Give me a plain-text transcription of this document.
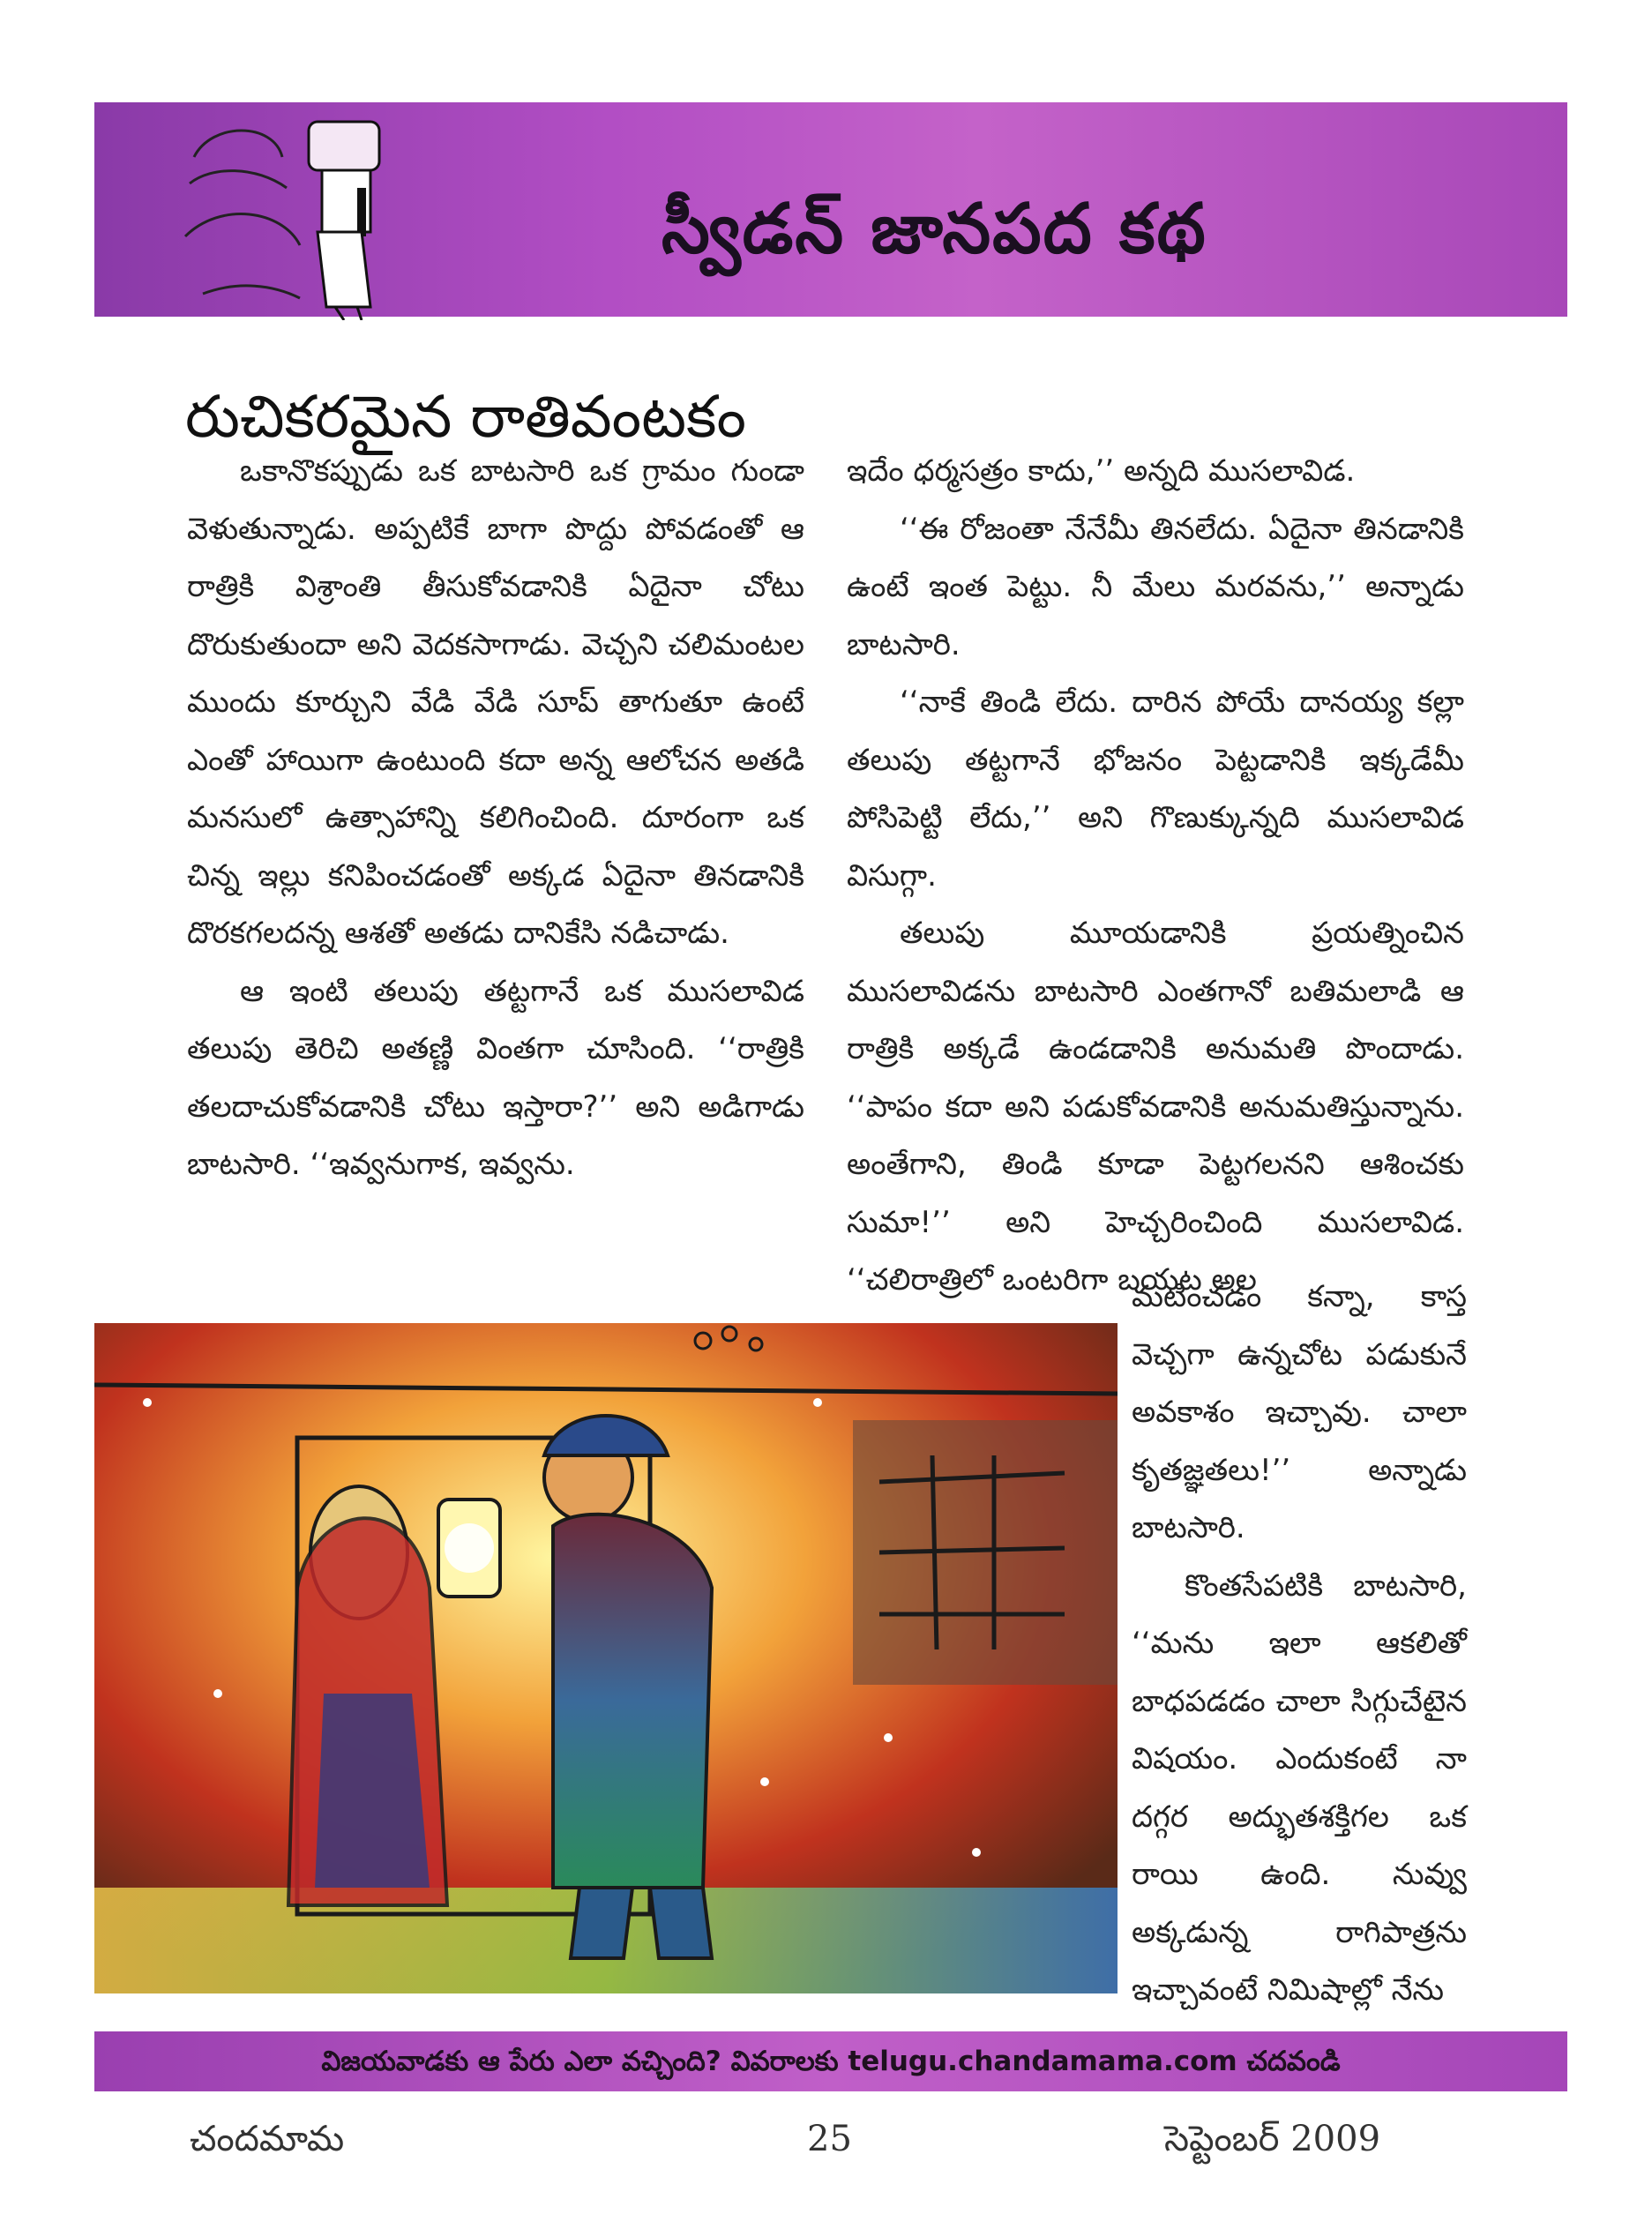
స్వీడన్ జానపద కథ
రుచికరమైన రాతివంటకం

ఒకానొకప్పుడు ఒక బాటసారి ఒక గ్రామం గుండా వెళుతున్నాడు. అప్పటికే బాగా పొద్దు పోవడంతో ఆ రాత్రికి విశ్రాంతి తీసుకోవడానికి ఏదైనా చోటు దొరుకుతుందా అని వెదకసాగాడు. వెచ్చని చలిమంటల ముందు కూర్చుని వేడి వేడి సూప్ తాగుతూ ఉంటే ఎంతో హాయిగా ఉంటుంది కదా అన్న ఆలోచన అతడి మనసులో ఉత్సాహాన్ని కలిగించింది. దూరంగా ఒక చిన్న ఇల్లు కనిపించడంతో అక్కడ ఏదైనా తినడానికి దొరకగలదన్న ఆశతో అతడు దానికేసి నడిచాడు.

ఆ ఇంటి తలుపు తట్టగానే ఒక ముసలావిడ తలుపు తెరిచి అతణ్ణి వింతగా చూసింది. ‘‘రాత్రికి తలదాచుకోవడానికి చోటు ఇస్తారా?’’ అని అడిగాడు బాటసారి. ‘‘ఇవ్వనుగాక, ఇవ్వను.

ఇదేం ధర్మసత్రం కాదు,’’ అన్నది ముసలావిడ.

‘‘ఈ రోజంతా నేనేమీ తినలేదు. ఏదైనా తినడానికి ఉంటే ఇంత పెట్టు. నీ మేలు మరవను,’’ అన్నాడు బాటసారి.

‘‘నాకే తిండి లేదు. దారిన పోయే దానయ్య కల్లా తలుపు తట్టగానే భోజనం పెట్టడానికి ఇక్కడేమీ పోసిపెట్టి లేదు,’’ అని గొణుక్కున్నది ముసలావిడ విసుగ్గా.

తలుపు మూయడానికి ప్రయత్నించిన ముసలావిడను బాటసారి ఎంతగానో బతిమలాడి ఆ రాత్రికి అక్కడే ఉండడానికి అనుమతి పొందాడు. ‘‘పాపం కదా అని పడుకోవడానికి అనుమతిస్తున్నాను. అంతేగాని, తిండి కూడా పెట్టగలనని ఆశించకు సుమా!’’ అని హెచ్చరించింది ముసలావిడ. ‘‘చలిరాత్రిలో ఒంటరిగా బయట అల

మటించడం కన్నా, కాస్త వెచ్చగా ఉన్నచోట పడుకునే అవకాశం ఇచ్చావు. చాలా కృతజ్ఞతలు!’’ అన్నాడు బాటసారి.

కొంతసేపటికి బాటసారి, ‘‘మను ఇలా ఆకలితో బాధపడడం చాలా సిగ్గుచేటైన విషయం. ఎందుకంటే నా దగ్గర అద్భుతశక్తిగల ఒక రాయి ఉంది. నువ్వు అక్కడున్న రాగిపాత్రను ఇచ్చావంటే నిమిషాల్లో నేను

విజయవాడకు ఆ పేరు ఎలా వచ్చింది? వివరాలకు telugu.chandamama.com చదవండి
చందమామ	25	సెప్టెంబర్ 2009
